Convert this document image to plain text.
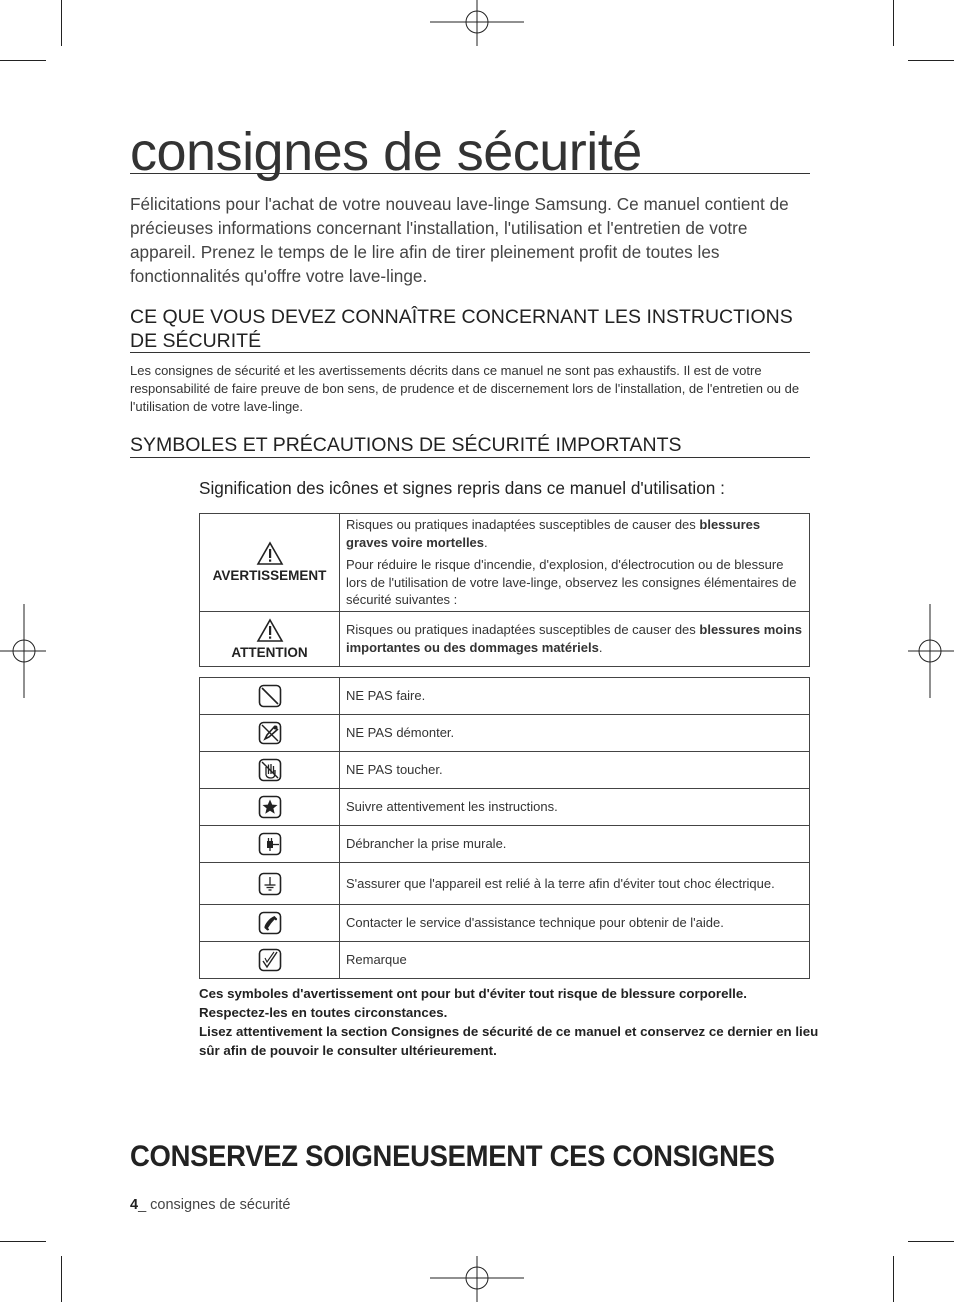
consignes de sécurité
Félicitations pour l'achat de votre nouveau lave-linge Samsung. Ce manuel contient de précieuses informations concernant l'installation, l'utilisation et l'entretien de votre appareil. Prenez le temps de le lire afin de tirer pleinement profit de toutes les fonctionnalités qu'offre votre lave-linge.
CE QUE VOUS DEVEZ CONNAÎTRE CONCERNANT LES INSTRUCTIONS DE SÉCURITÉ
Les consignes de sécurité et les avertissements décrits dans ce manuel ne sont pas exhaustifs. Il est de votre responsabilité de faire preuve de bon sens, de prudence et de discernement lors de l'installation, de l'entretien ou de l'utilisation de votre lave-linge.
SYMBOLES ET PRÉCAUTIONS DE SÉCURITÉ IMPORTANTS
Signification des icônes et signes repris dans ce manuel d'utilisation :
AVERTISSEMENT	Risques ou pratiques inadaptées susceptibles de causer des blessures graves voire mortelles.

Pour réduire le risque d'incendie, d'explosion, d'électrocution ou de blessure lors de l'utilisation de votre lave-linge, observez les consignes élémentaires de sécurité suivantes :

ATTENTION	Risques ou pratiques inadaptées susceptibles de causer des blessures moins importantes ou des dommages matériels.

	NE PAS faire.

	NE PAS démonter.

	NE PAS toucher.

	Suivre attentivement les instructions.

	Débrancher la prise murale.

	S'assurer que l'appareil est relié à la terre afin d'éviter tout choc électrique.

	Contacter le service d'assistance technique pour obtenir de l'aide.

	Remarque

Ces symboles d'avertissement ont pour but d'éviter tout risque de blessure corporelle.

Respectez-les en toutes circonstances.

Lisez attentivement la section Consignes de sécurité de ce manuel et conservez ce dernier en lieu sûr afin de pouvoir le consulter ultérieurement.

CONSERVEZ SOIGNEUSEMENT CES CONSIGNES
4_ consignes de sécurité
